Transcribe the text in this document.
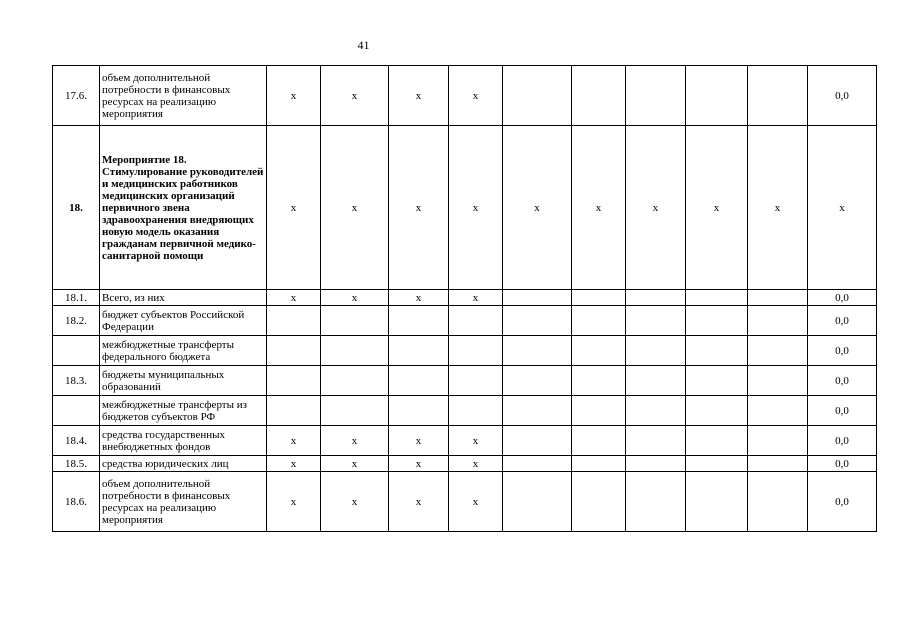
41
17.6.	объем дополнительной потребности в финансовых ресурсах на реализацию мероприятия	х	х	х	х						0,0
18.	Мероприятие 18. Стимулирование руководителей и медицинских работников медицинских организаций первичного звена здравоохранения внедряющих новую модель оказания гражданам первичной медико-санитарной помощи	х	х	х	х	х	х	х	х	х	х
18.1.	Всего, из них	х	х	х	х						0,0
18.2.	бюджет субъектов Российской Федерации										0,0
	межбюджетные трансферты федерального бюджета										0,0
18.3.	бюджеты муниципальных образований										0,0
	межбюджетные трансферты из бюджетов субъектов РФ										0,0
18.4.	средства государственных внебюджетных фондов	х	х	х	х						0,0
18.5.	средства юридических лиц	х	х	х	х						0,0
18.6.	объем дополнительной потребности в финансовых ресурсах на реализацию мероприятия	х	х	х	х						0,0
